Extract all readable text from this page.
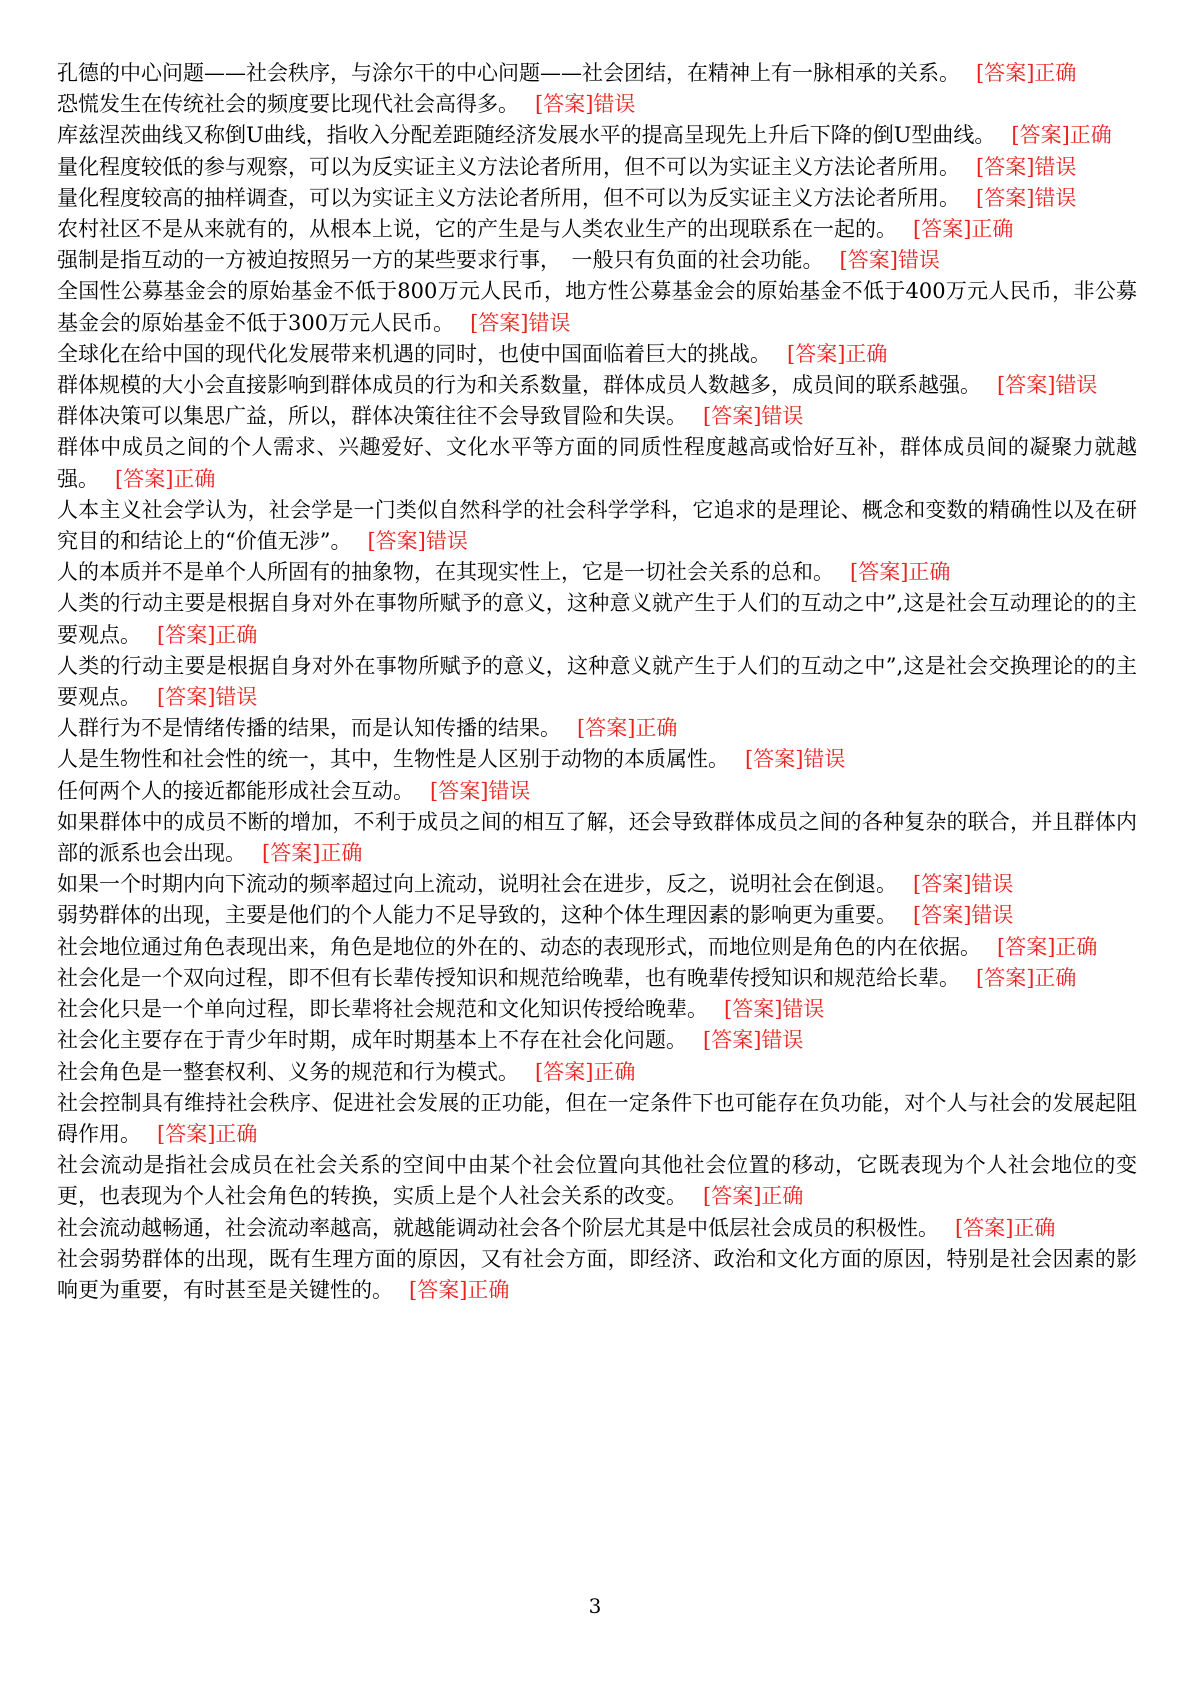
孔德的中心问题——社会秩序，与涂尔干的中心问题——社会团结，在精神上有一脉相承的关系。 [答案]正确

恐慌发生在传统社会的频度要比现代社会高得多。 [答案]错误

库兹涅茨曲线又称倒U曲线，指收入分配差距随经济发展水平的提高呈现先上升后下降的倒U型曲线。 [答案]正确

量化程度较低的参与观察，可以为反实证主义方法论者所用，但不可以为实证主义方法论者所用。 [答案]错误

量化程度较高的抽样调查，可以为实证主义方法论者所用，但不可以为反实证主义方法论者所用。 [答案]错误

农村社区不是从来就有的，从根本上说，它的产生是与人类农业生产的出现联系在一起的。 [答案]正确

强制是指互动的一方被迫按照另一方的某些要求行事，　一般只有负面的社会功能。 [答案]错误

全国性公募基金会的原始基金不低于800万元人民币，地方性公募基金会的原始基金不低于400万元人民币，非公募基金会的原始基金不低于300万元人民币。 [答案]错误

全球化在给中国的现代化发展带来机遇的同时，也使中国面临着巨大的挑战。 [答案]正确

群体规模的大小会直接影响到群体成员的行为和关系数量，群体成员人数越多，成员间的联系越强。 [答案]错误

群体决策可以集思广益，所以，群体决策往往不会导致冒险和失误。 [答案]错误

群体中成员之间的个人需求、兴趣爱好、文化水平等方面的同质性程度越高或恰好互补，群体成员间的凝聚力就越强。 [答案]正确

人本主义社会学认为，社会学是一门类似自然科学的社会科学学科，它追求的是理论、概念和变数的精确性以及在研究目的和结论上的“价值无涉”。 [答案]错误

人的本质并不是单个人所固有的抽象物，在其现实性上，它是一切社会关系的总和。 [答案]正确

人类的行动主要是根据自身对外在事物所赋予的意义，这种意义就产生于人们的互动之中”,这是社会互动理论的的主要观点。 [答案]正确

人类的行动主要是根据自身对外在事物所赋予的意义，这种意义就产生于人们的互动之中”,这是社会交换理论的的主要观点。 [答案]错误

人群行为不是情绪传播的结果，而是认知传播的结果。 [答案]正确

人是生物性和社会性的统一，其中，生物性是人区别于动物的本质属性。 [答案]错误

任何两个人的接近都能形成社会互动。 [答案]错误

如果群体中的成员不断的增加，不利于成员之间的相互了解，还会导致群体成员之间的各种复杂的联合，并且群体内部的派系也会出现。 [答案]正确

如果一个时期内向下流动的频率超过向上流动，说明社会在进步，反之，说明社会在倒退。 [答案]错误

弱势群体的出现，主要是他们的个人能力不足导致的，这种个体生理因素的影响更为重要。 [答案]错误

社会地位通过角色表现出来，角色是地位的外在的、动态的表现形式，而地位则是角色的内在依据。 [答案]正确

社会化是一个双向过程，即不但有长辈传授知识和规范给晚辈，也有晚辈传授知识和规范给长辈。 [答案]正确

社会化只是一个单向过程，即长辈将社会规范和文化知识传授给晚辈。 [答案]错误

社会化主要存在于青少年时期，成年时期基本上不存在社会化问题。 [答案]错误

社会角色是一整套权利、义务的规范和行为模式。 [答案]正确

社会控制具有维持社会秩序、促进社会发展的正功能，但在一定条件下也可能存在负功能，对个人与社会的发展起阻碍作用。 [答案]正确

社会流动是指社会成员在社会关系的空间中由某个社会位置向其他社会位置的移动，它既表现为个人社会地位的变更，也表现为个人社会角色的转换，实质上是个人社会关系的改变。 [答案]正确

社会流动越畅通，社会流动率越高，就越能调动社会各个阶层尤其是中低层社会成员的积极性。 [答案]正确

社会弱势群体的出现，既有生理方面的原因，又有社会方面，即经济、政治和文化方面的原因，特别是社会因素的影响更为重要，有时甚至是关键性的。 [答案]正确

3
